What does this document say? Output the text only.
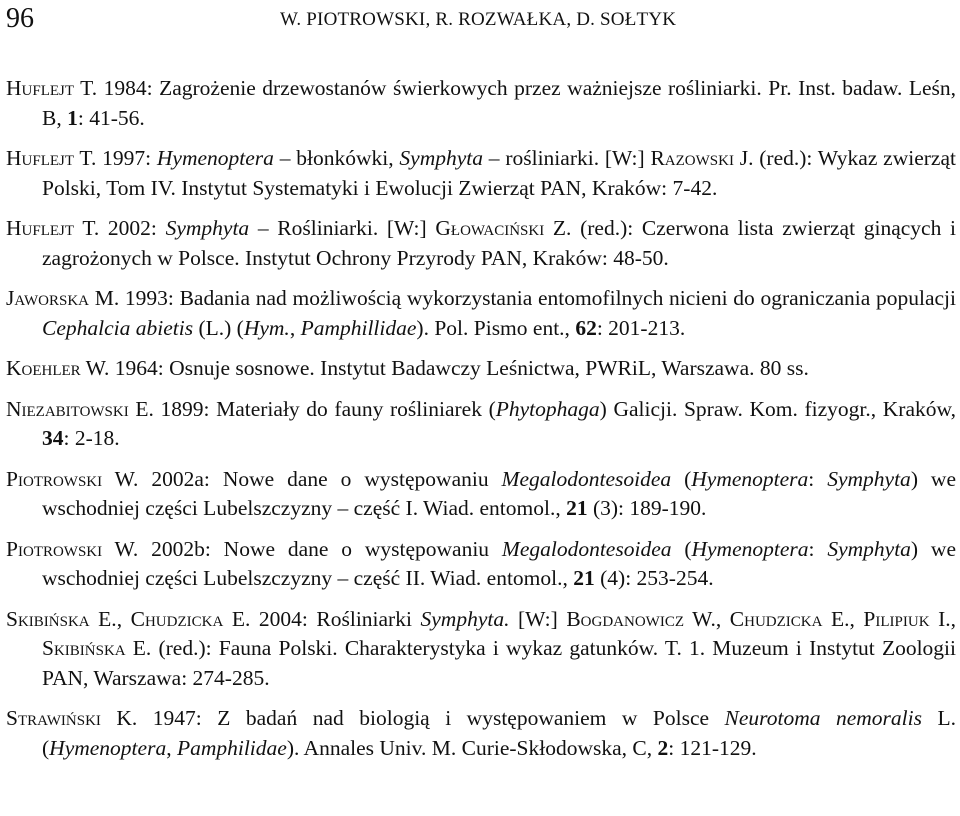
96	W. PIOTROWSKI, R. ROZWAŁKA, D. SOŁTYK

Huflejt T. 1984: Zagrożenie drzewostanów świerkowych przez ważniejsze rośliniarki. Pr. Inst. badaw. Leśn, B, 1: 41-56.

Huflejt T. 1997: Hymenoptera – błonkówki, Symphyta – rośliniarki. [W:] Razowski J. (red.): Wykaz zwierząt Polski, Tom IV. Instytut Systematyki i Ewolucji Zwierząt PAN, Kraków: 7-42.

Huflejt T. 2002: Symphyta – Rośliniarki. [W:] Głowaciński Z. (red.): Czerwona lista zwierząt ginących i zagrożonych w Polsce. Instytut Ochrony Przyrody PAN, Kraków: 48-50.

Jaworska M. 1993: Badania nad możliwością wykorzystania entomofilnych nicieni do ograniczania populacji Cephalcia abietis (L.) (Hym., Pamphillidae). Pol. Pismo ent., 62: 201-213.

Koehler W. 1964: Osnuje sosnowe. Instytut Badawczy Leśnictwa, PWRiL, Warszawa. 80 ss.

Niezabitowski E. 1899: Materiały do fauny rośliniarek (Phytophaga) Galicji. Spraw. Kom. fizyogr., Kraków, 34: 2-18.

Piotrowski W. 2002a: Nowe dane o występowaniu Megalodontesoidea (Hymenoptera: Symphyta) we wschodniej części Lubelszczyzny – część I. Wiad. entomol., 21 (3): 189-190.

Piotrowski W. 2002b: Nowe dane o występowaniu Megalodontesoidea (Hymenoptera: Symphyta) we wschodniej części Lubelszczyzny – część II. Wiad. entomol., 21 (4): 253-254.

Skibińska E., Chudzicka E. 2004: Rośliniarki Symphyta. [W:] Bogdanowicz W., Chudzicka E., Pilipiuk I., Skibińska E. (red.): Fauna Polski. Charakterystyka i wykaz gatunków. T. 1. Muzeum i Instytut Zoologii PAN, Warszawa: 274-285.

Strawiński K. 1947: Z badań nad biologią i występowaniem w Polsce Neurotoma nemoralis L. (Hymenoptera, Pamphilidae). Annales Univ. M. Curie-Skłodowska, C, 2: 121-129.
